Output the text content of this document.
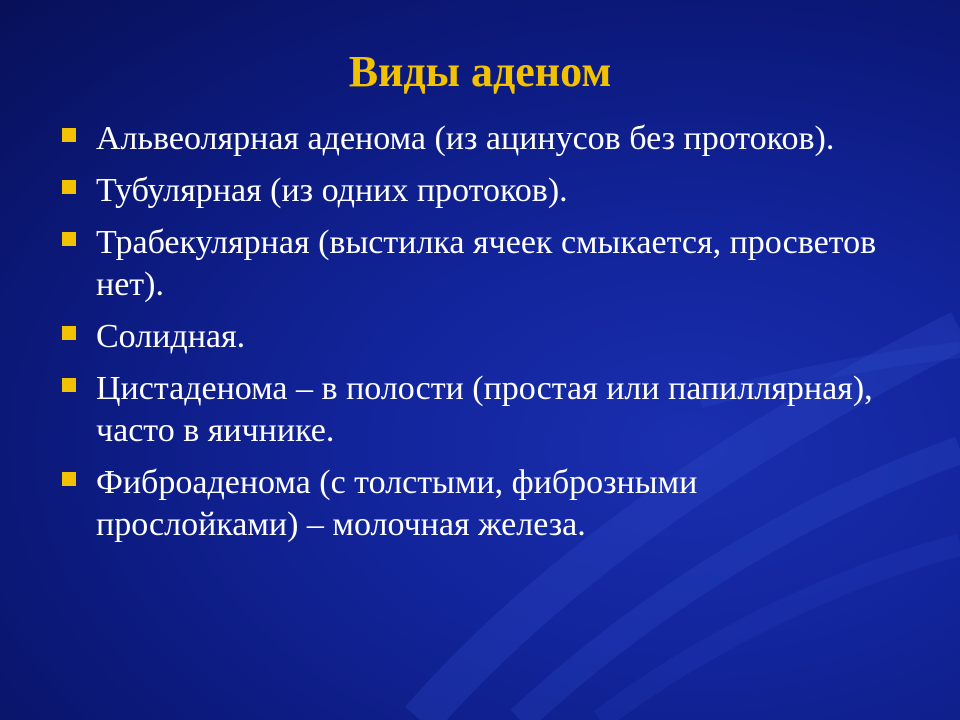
Виды аденом
Альвеолярная аденома (из ацинусов без протоков).
Тубулярная (из одних протоков).
Трабекулярная (выстилка ячеек смыкается, просветов нет).
Солидная.
Цистаденома – в полости (простая или папиллярная), часто в яичнике.
Фиброаденома (с толстыми, фиброзными прослойками) – молочная железа.
